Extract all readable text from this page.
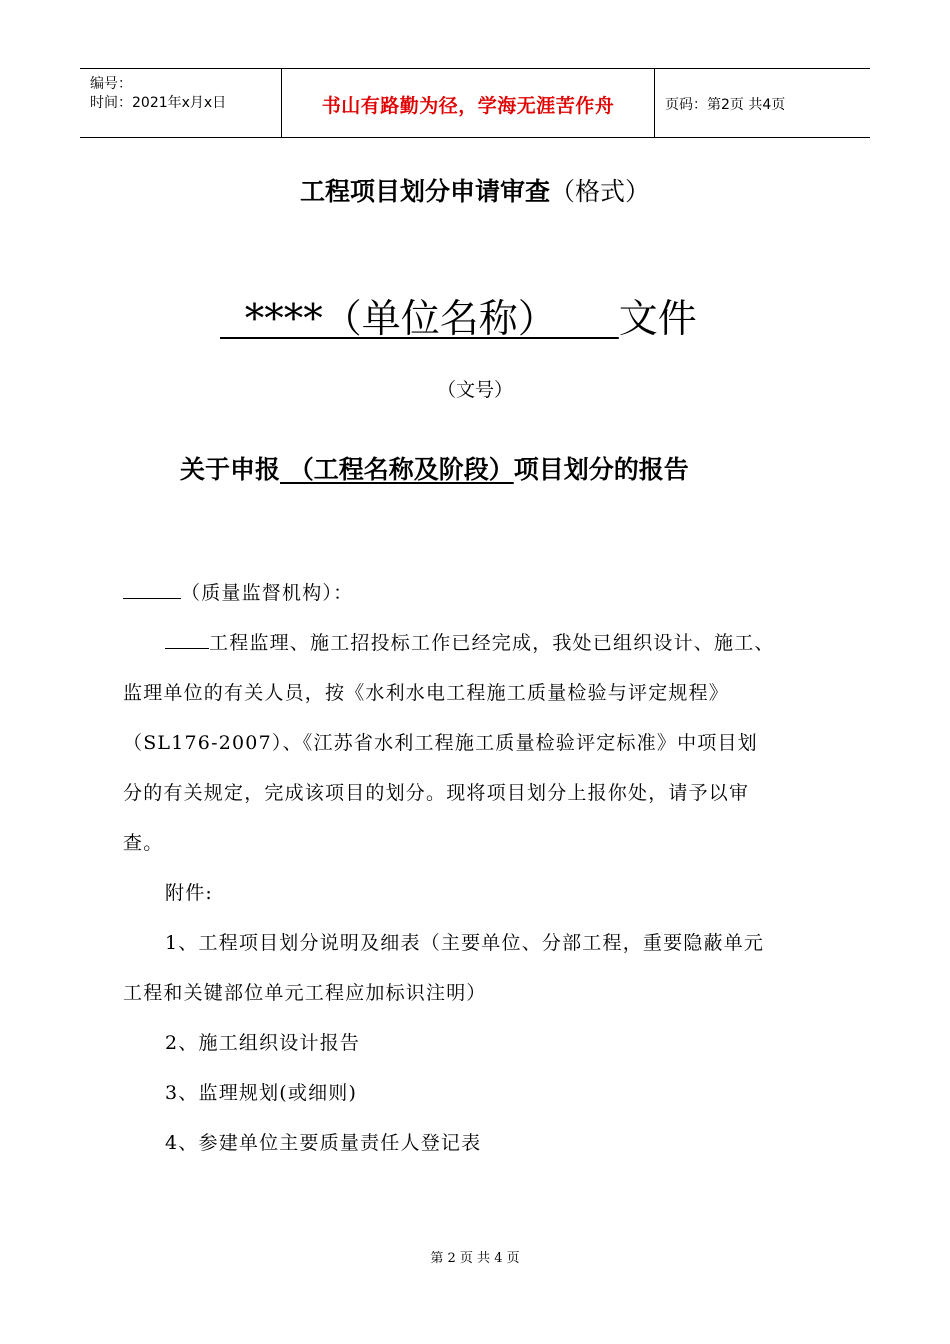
编号：
时间：2021年x月x日	书山有路勤为径，学海无涯苦作舟	页码：第2页 共4页
工程项目划分申请审查（格式）
****（单位名称）     文件
（文号）
关于申报 （工程名称及阶段）项目划分的报告
（质量监督机构）：
工程监理、施工招投标工作已经完成，我处已组织设计、施工、
监理单位的有关人员，按《水利水电工程施工质量检验与评定规程》
（SL176-2007）、《江苏省水利工程施工质量检验评定标准》中项目划
分的有关规定，完成该项目的划分。现将项目划分上报你处，请予以审
查。
附件:
1、工程项目划分说明及细表（主要单位、分部工程，重要隐蔽单元
工程和关键部位单元工程应加标识注明）
2、施工组织设计报告
3、监理规划(或细则)
4、参建单位主要质量责任人登记表
第 2 页 共 4 页
